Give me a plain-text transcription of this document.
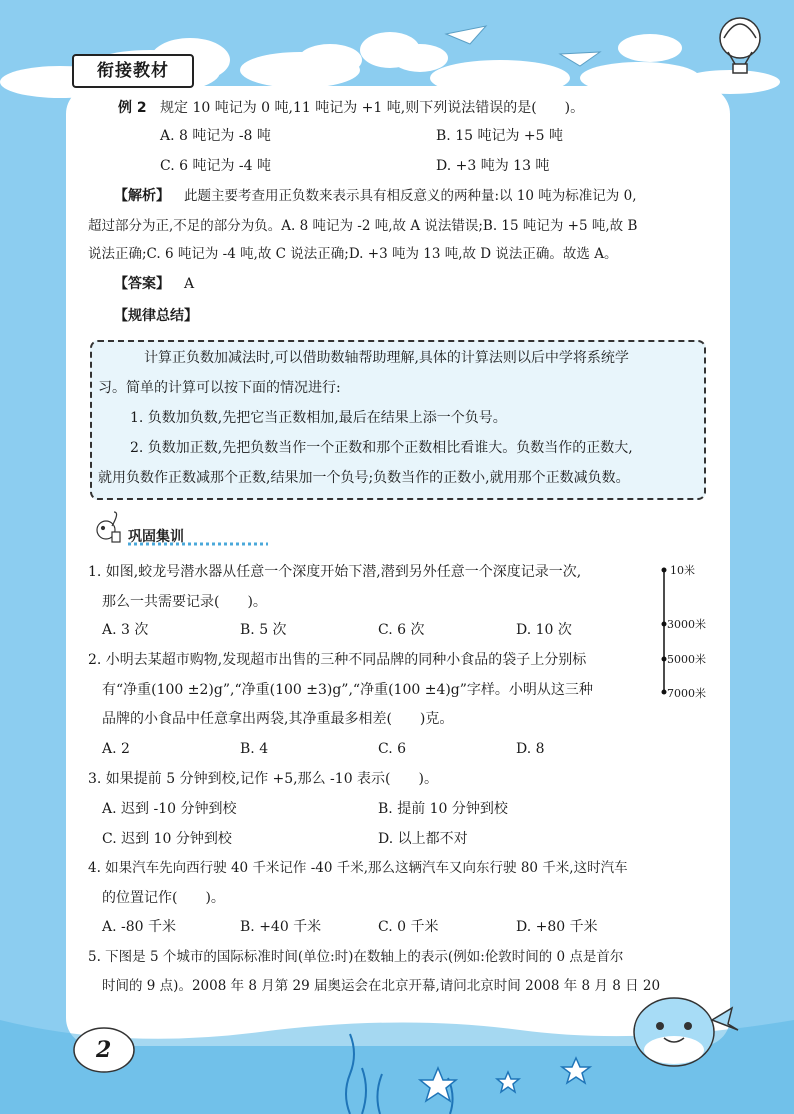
衔接教材
例 2 规定 10 吨记为 0 吨,11 吨记为 +1 吨,则下列说法错误的是(　　)。
A. 8 吨记为 -8 吨	B. 15 吨记为 +5 吨
C. 6 吨记为 -4 吨	D. +3 吨为 13 吨
【解析】 此题主要考查用正负数来表示具有相反意义的两种量:以 10 吨为标准记为 0,
超过部分为正,不足的部分为负。A. 8 吨记为 -2 吨,故 A 说法错误;B. 15 吨记为 +5 吨,故 B
说法正确;C. 6 吨记为 -4 吨,故 C 说法正确;D. +3 吨为 13 吨,故 D 说法正确。故选 A。
【答案】 A
【规律总结】
计算正负数加减法时,可以借助数轴帮助理解,具体的计算法则以后中学将系统学
习。简单的计算可以按下面的情况进行:
1. 负数加负数,先把它当正数相加,最后在结果上添一个负号。
2. 负数加正数,先把负数当作一个正数和那个正数相比看谁大。负数当作的正数大,
就用负数作正数减那个正数,结果加一个负号;负数当作的正数小,就用那个正数减负数。
巩固集训
10米
3000米
5000米
7000米
1. 如图,蛟龙号潜水器从任意一个深度开始下潜,潜到另外任意一个深度记录一次,
那么一共需要记录(　　)。
A. 3 次	B. 5 次	C. 6 次	D. 10 次
2. 小明去某超市购物,发现超市出售的三种不同品牌的同种小食品的袋子上分别标
有“净重(100 ±2)g”,“净重(100 ±3)g”,“净重(100 ±4)g”字样。小明从这三种
品牌的小食品中任意拿出两袋,其净重最多相差(　　)克。
A. 2	B. 4	C. 6	D. 8
3. 如果提前 5 分钟到校,记作 +5,那么 -10 表示(　　)。
A. 迟到 -10 分钟到校	B. 提前 10 分钟到校
C. 迟到 10 分钟到校	D. 以上都不对
4. 如果汽车先向西行驶 40 千米记作 -40 千米,那么这辆汽车又向东行驶 80 千米,这时汽车
的位置记作(　　)。
A. -80 千米	B. +40 千米	C. 0 千米	D. +80 千米
5. 下图是 5 个城市的国际标准时间(单位:时)在数轴上的表示(例如:伦敦时间的 0 点是首尔
时间的 9 点)。2008 年 8 月第 29 届奥运会在北京开幕,请问北京时间 2008 年 8 月 8 日 20
2
